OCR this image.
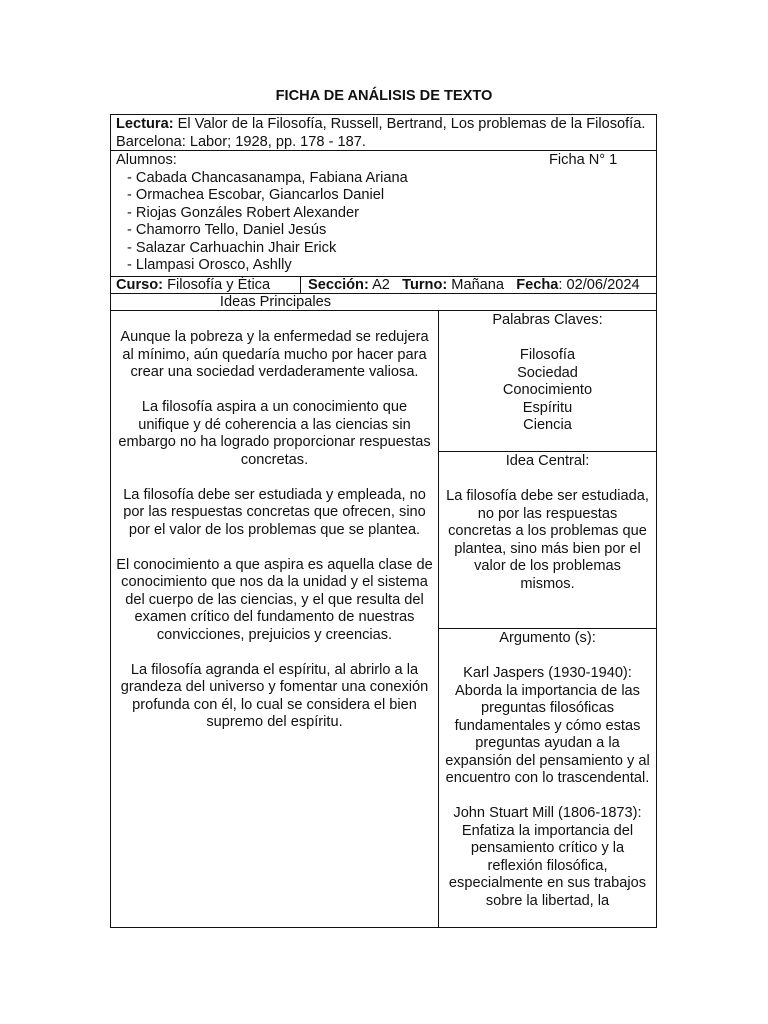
FICHA DE ANÁLISIS DE TEXTO
Lectura: El Valor de la Filosofía, Russell, Bertrand, Los problemas de la Filosofía. Barcelona: Labor; 1928, pp. 178 - 187.
Alumnos:	Ficha N° 1
- Cabada Chancasanampa, Fabiana Ariana
- Ormachea Escobar, Giancarlos Daniel
- Riojas Gonzáles Robert Alexander
- Chamorro Tello, Daniel Jesús
- Salazar Carhuachin Jhair Erick
- Llampasi Orosco, Ashlly
Curso: Filosofía y Ética	Sección: A2 Turno: Mañana Fecha: 02/06/2024
Ideas Principales

Aunque la pobreza y la enfermedad se redujera al mínimo, aún quedaría mucho por hacer para crear una sociedad verdaderamente valiosa.

La filosofía aspira a un conocimiento que unifique y dé coherencia a las ciencias sin embargo no ha logrado proporcionar respuestas concretas.

La filosofía debe ser estudiada y empleada, no por las respuestas concretas que ofrecen, sino por el valor de los problemas que se plantea.

El conocimiento a que aspira es aquella clase de conocimiento que nos da la unidad y el sistema del cuerpo de las ciencias, y el que resulta del examen crítico del fundamento de nuestras convicciones, prejuicios y creencias.

La filosofía agranda el espíritu, al abrirlo a la grandeza del universo y fomentar una conexión profunda con él, lo cual se considera el bien supremo del espíritu.

Palabras Claves:

Filosofía

Sociedad

Conocimiento

Espíritu

Ciencia

Idea Central:

La filosofía debe ser estudiada, no por las respuestas concretas a los problemas que plantea, sino más bien por el valor de los problemas mismos.

Argumento (s):

Karl Jaspers (1930-1940):

Aborda la importancia de las preguntas filosóficas fundamentales y cómo estas preguntas ayudan a la expansión del pensamiento y al encuentro con lo trascendental.

John Stuart Mill (1806-1873):

Enfatiza la importancia del pensamiento crítico y la reflexión filosófica, especialmente en sus trabajos sobre la libertad, la
